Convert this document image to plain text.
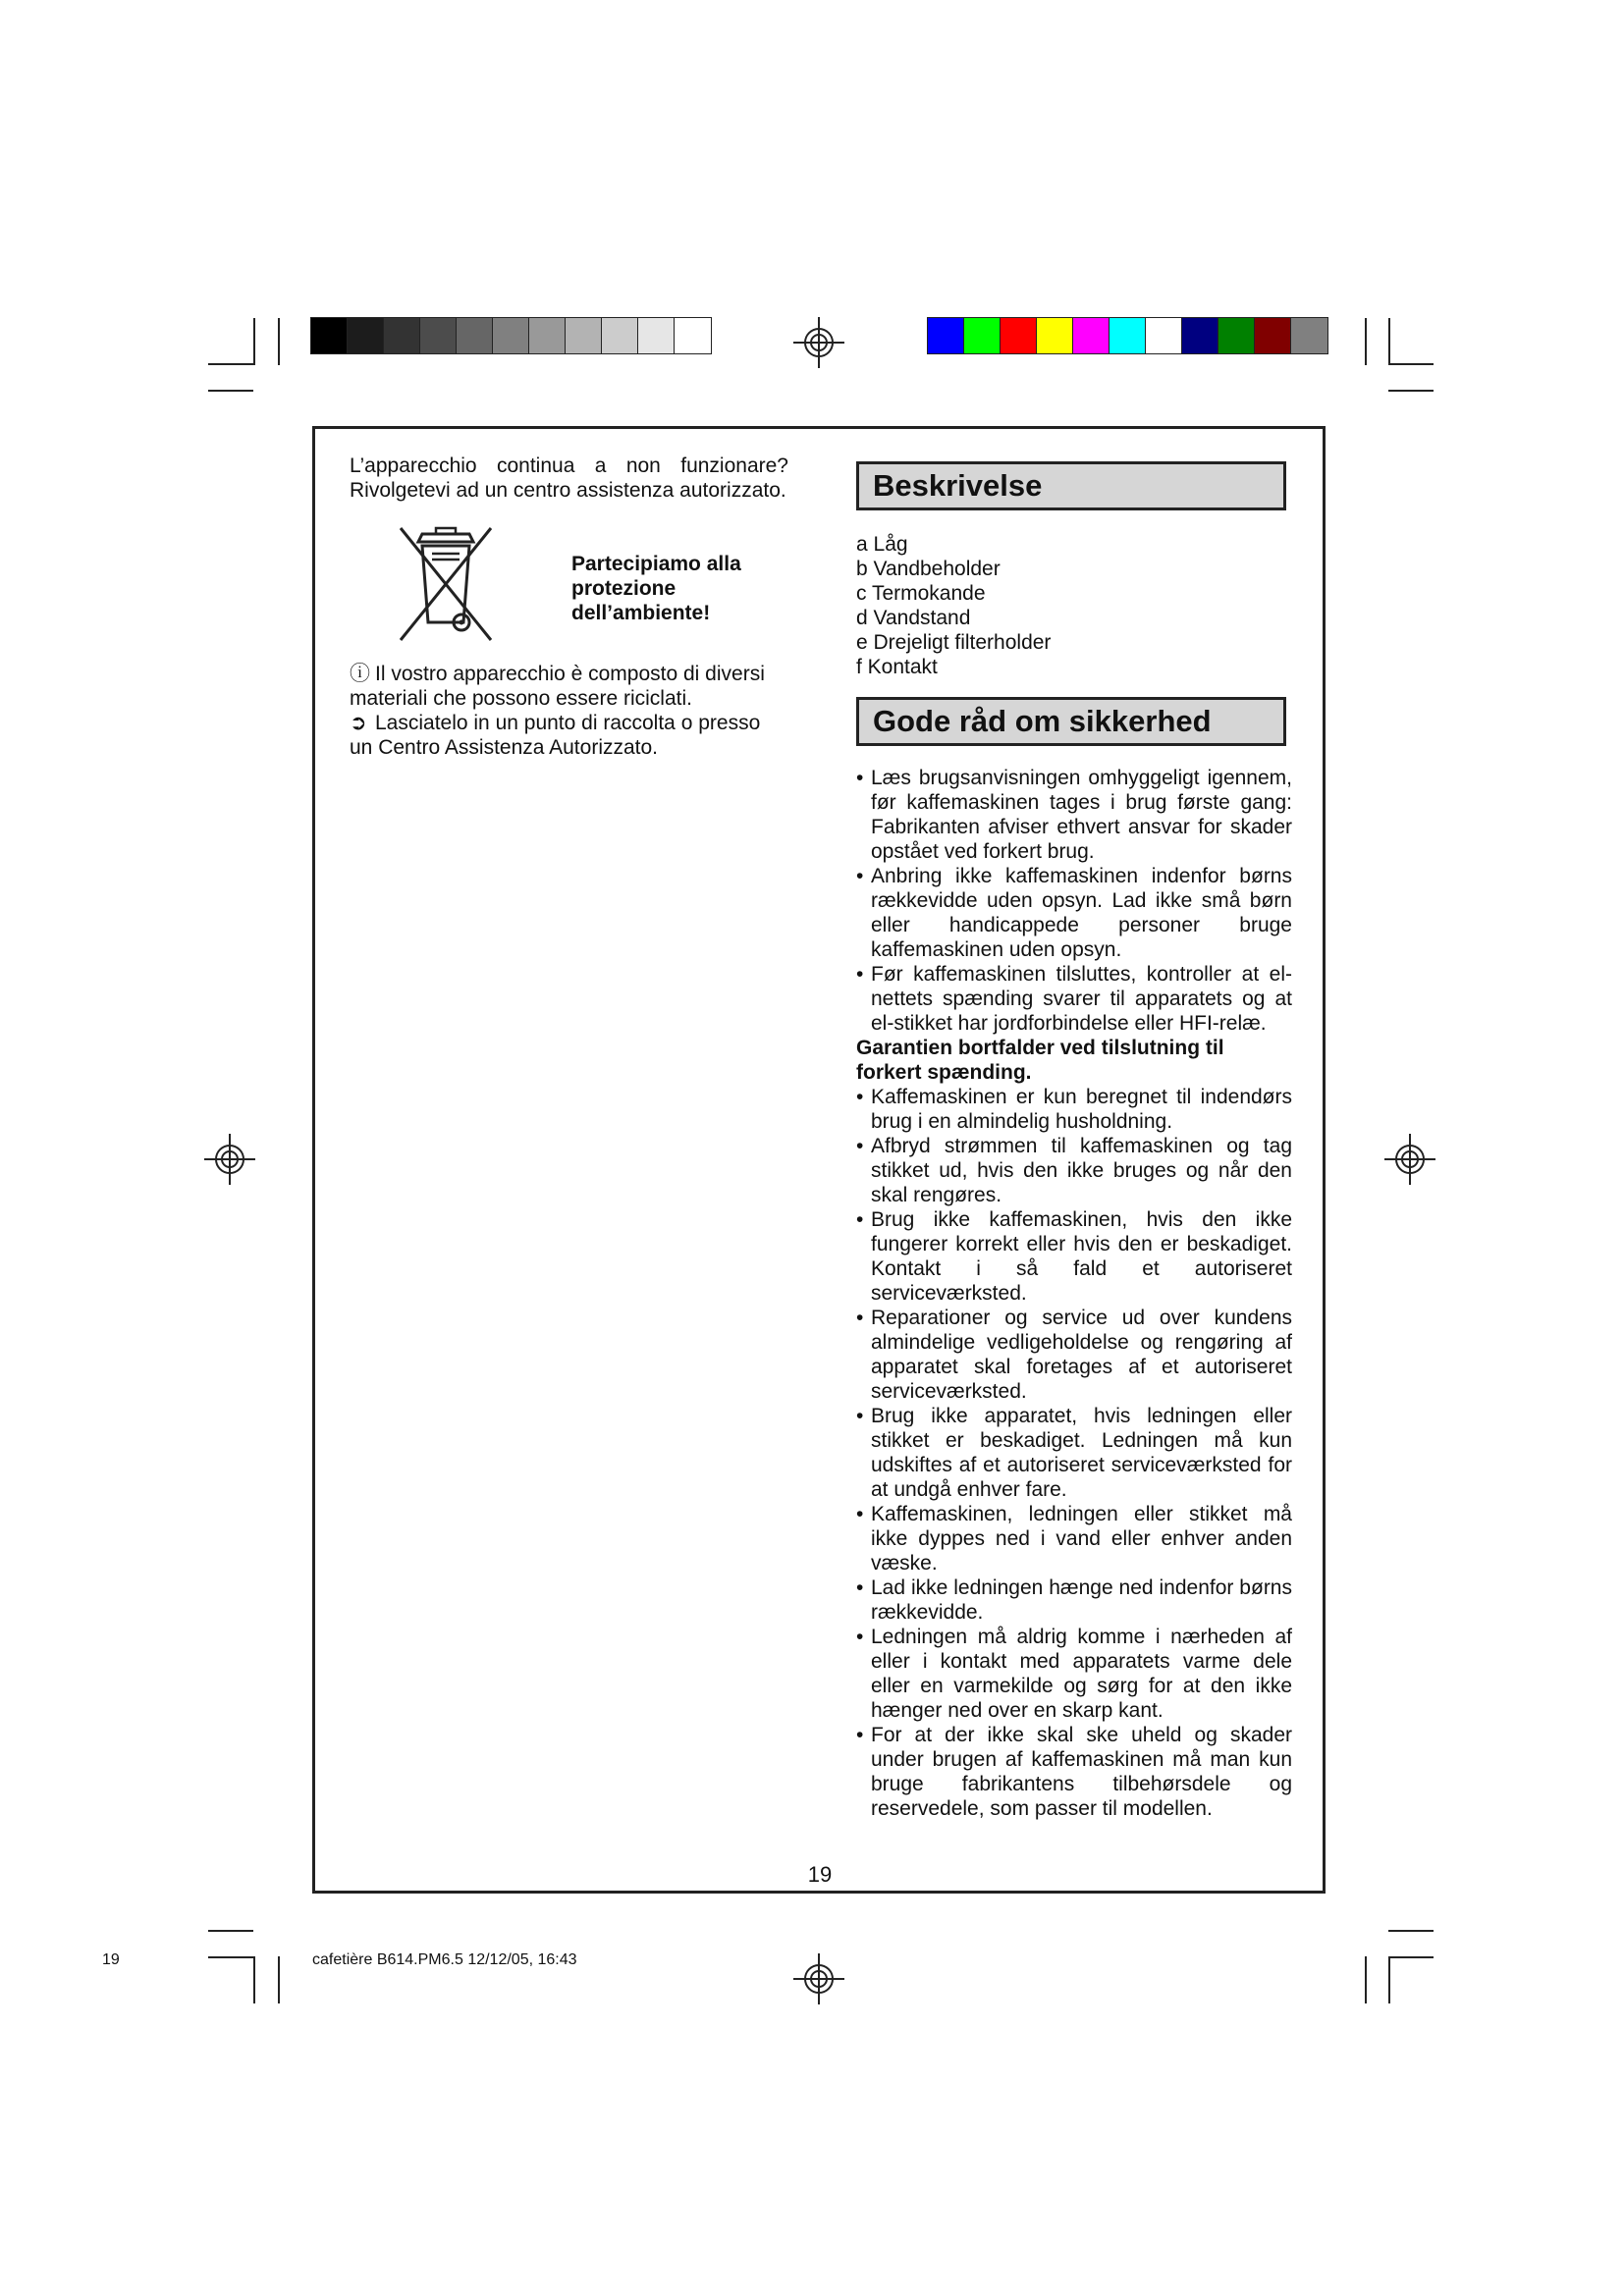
L’apparecchio continua a non funzionare? Rivolgetevi ad un centro assistenza autorizzato.

Partecipiamo alla protezione dell’ambiente!

ⓘ Il vostro apparecchio è composto di diversi materiali che possono essere riciclati.

➲ Lasciatelo in un punto di raccolta o presso un Centro Assistenza Autorizzato.

Beskrivelse
a Låg
b Vandbeholder
c Termokande
d Vandstand
e Drejeligt filterholder
f Kontakt
Gode råd om sikkerhed
• Læs brugsanvisningen omhyggeligt igennem, før kaffemaskinen tages i brug første gang: Fabrikanten afviser ethvert ansvar for skader opstået ved forkert brug.
• Anbring ikke kaffemaskinen indenfor børns rækkevidde uden opsyn. Lad ikke små børn eller handicappede personer bruge kaffemaskinen uden opsyn.
• Før kaffemaskinen tilsluttes, kontroller at el-nettets spænding svarer til apparatets og at el-stikket har jordforbindelse eller HFI-relæ.

Garantien bortfalder ved tilslutning til forkert spænding.

• Kaffemaskinen er kun beregnet til indendørs brug i en almindelig husholdning.
• Afbryd strømmen til kaffemaskinen og tag stikket ud, hvis den ikke bruges og når den skal rengøres.
• Brug ikke kaffemaskinen, hvis den ikke fungerer korrekt eller hvis den er beskadiget. Kontakt i så fald et autoriseret serviceværksted.
• Reparationer og service ud over kundens almindelige vedligeholdelse og rengøring af apparatet skal foretages af et autoriseret serviceværksted.
• Brug ikke apparatet, hvis ledningen eller stikket er beskadiget. Ledningen må kun udskiftes af et autoriseret serviceværksted for at undgå enhver fare.
• Kaffemaskinen, ledningen eller stikket må ikke dyppes ned i vand eller enhver anden væske.
• Lad ikke ledningen hænge ned indenfor børns rækkevidde.
• Ledningen må aldrig komme i nærheden af eller i kontakt med apparatets varme dele eller en varmekilde og sørg for at den ikke hænger ned over en skarp kant.
• For at der ikke skal ske uheld og skader under brugen af kaffemaskinen må man kun bruge fabrikantens tilbehørsdele og reservedele, som passer til modellen.
19
19	cafetière B614.PM6.5 12/12/05, 16:43
